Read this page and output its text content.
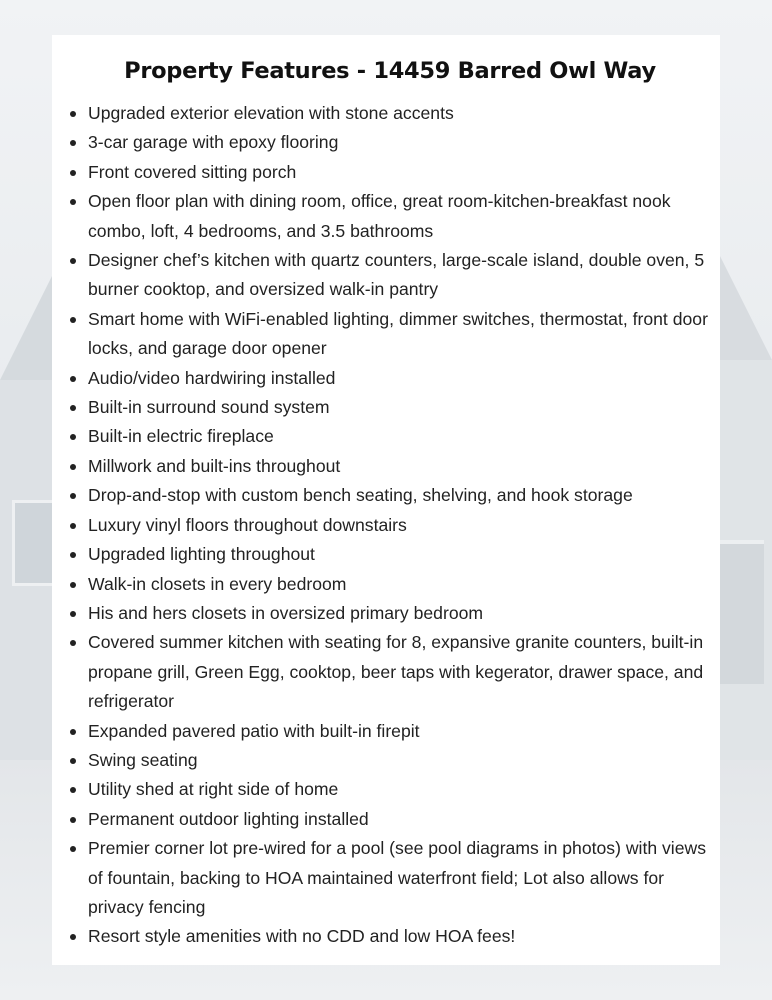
Property Features - 14459 Barred Owl Way
Upgraded exterior elevation with stone accents
3-car garage with epoxy flooring
Front covered sitting porch
Open floor plan with dining room, office, great room-kitchen-breakfast nook combo, loft, 4 bedrooms, and 3.5 bathrooms
Designer chef’s kitchen with quartz counters, large-scale island, double oven, 5 burner cooktop, and oversized walk-in pantry
Smart home with WiFi-enabled lighting, dimmer switches, thermostat, front door locks, and garage door opener
Audio/video hardwiring installed
Built-in surround sound system
Built-in electric fireplace
Millwork and built-ins throughout
Drop-and-stop with custom bench seating, shelving, and hook storage
Luxury vinyl floors throughout downstairs
Upgraded lighting throughout
Walk-in closets in every bedroom
His and hers closets in oversized primary bedroom
Covered summer kitchen with seating for 8, expansive granite counters, built-in propane grill, Green Egg, cooktop, beer taps with kegerator, drawer space, and refrigerator
Expanded pavered patio with built-in firepit
Swing seating
Utility shed at right side of home
Permanent outdoor lighting installed
Premier corner lot pre-wired for a pool (see pool diagrams in photos) with views of fountain, backing to HOA maintained waterfront field; Lot also allows for privacy fencing
Resort style amenities with no CDD and low HOA fees!
